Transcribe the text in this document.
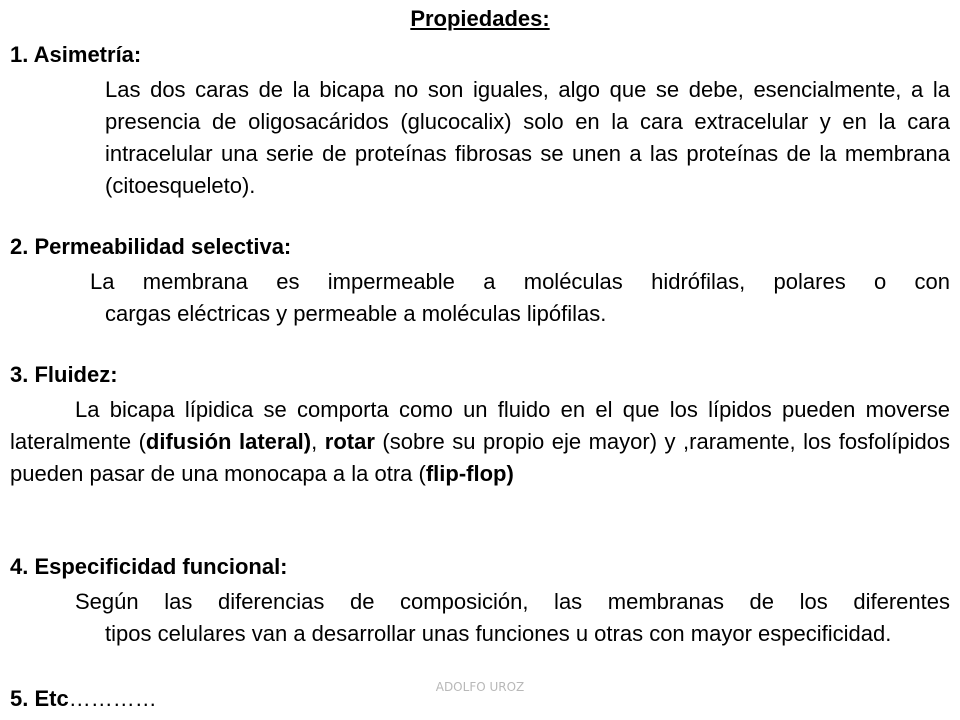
Propiedades:
1. Asimetría:
Las dos caras de la bicapa no son iguales, algo que se debe, esencialmente, a la presencia de oligosacáridos (glucocalix) solo en la cara extracelular y en la cara intracelular una serie de proteínas fibrosas se unen a las proteínas de la membrana (citoesqueleto).
2. Permeabilidad selectiva:
La membrana es impermeable a moléculas hidrófilas, polares o con
cargas eléctricas y permeable a moléculas lipófilas.
3. Fluidez:
La bicapa lípidica se comporta como un fluido en el que los lípidos pueden moverse lateralmente (difusión lateral), rotar (sobre su propio eje mayor) y ,raramente, los fosfolípidos pueden pasar de una monocapa a la otra (flip-flop)
4. Especificidad funcional:
Según las diferencias de composición, las membranas de los diferentes
tipos celulares van a desarrollar unas funciones u otras con mayor especificidad.
5. Etc…………	ADOLFO UROZ
